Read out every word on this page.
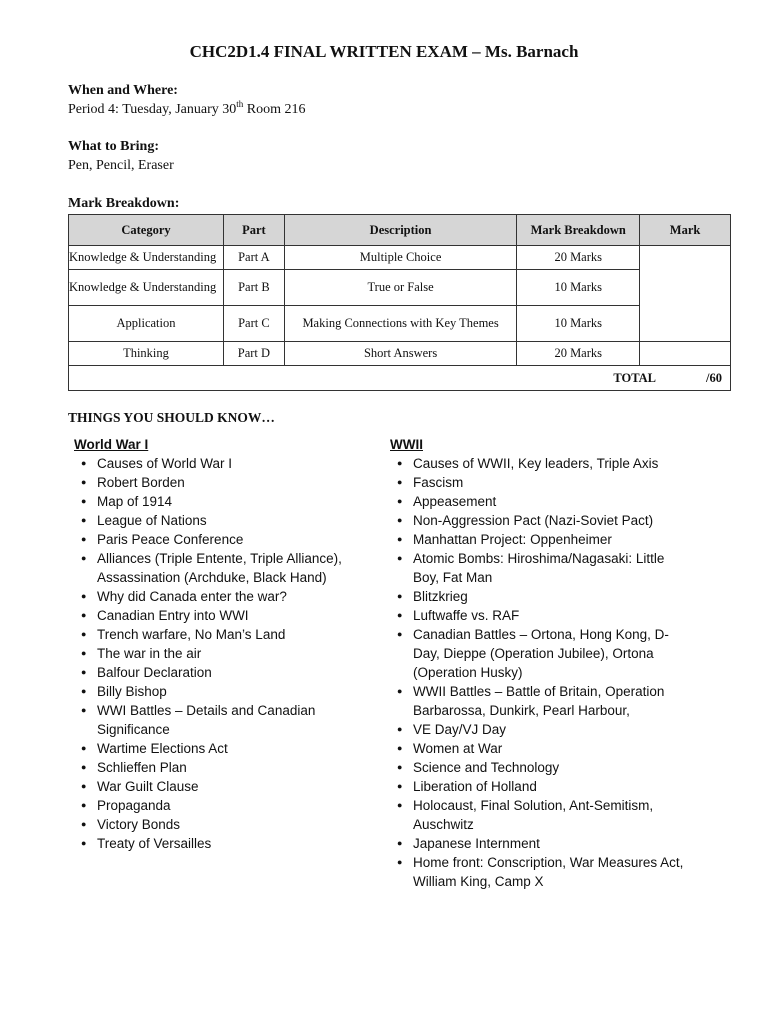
CHC2D1.4 FINAL WRITTEN EXAM – Ms. Barnach
When and Where:
Period 4: Tuesday, January 30th Room 216
What to Bring:
Pen, Pencil, Eraser
Mark Breakdown:
Category	Part	Description	Mark Breakdown	Mark
Knowledge & Understanding	Part A	Multiple Choice	20 Marks	
Knowledge & Understanding	Part B	True or False	10 Marks	
Application	Part C	Making Connections with Key Themes	10 Marks	
Thinking	Part D	Short Answers	20 Marks	
TOTAL /60				
THINGS YOU SHOULD KNOW…
World War I
● Causes of World War I
● Robert Borden
● Map of 1914
● League of Nations
● Paris Peace Conference
● Alliances (Triple Entente, Triple Alliance),
Assassination (Archduke, Black Hand)
● Why did Canada enter the war?
● Canadian Entry into WWI
● Trench warfare, No Man’s Land
● The war in the air
● Balfour Declaration
● Billy Bishop
● WWI Battles – Details and Canadian
Significance
● Wartime Elections Act
● Schlieffen Plan
● War Guilt Clause
● Propaganda
● Victory Bonds
● Treaty of Versailles
WWII
● Causes of WWII, Key leaders, Triple Axis
● Fascism
● Appeasement
● Non-Aggression Pact (Nazi-Soviet Pact)
● Manhattan Project: Oppenheimer
● Atomic Bombs: Hiroshima/Nagasaki: Little
Boy, Fat Man
● Blitzkrieg
● Luftwaffe vs. RAF
● Canadian Battles – Ortona, Hong Kong, D-
Day, Dieppe (Operation Jubilee), Ortona
(Operation Husky)
● WWII Battles – Battle of Britain, Operation
Barbarossa, Dunkirk, Pearl Harbour,
● VE Day/VJ Day
● Women at War
● Science and Technology
● Liberation of Holland
● Holocaust, Final Solution, Ant-Semitism,
Auschwitz
● Japanese Internment
● Home front: Conscription, War Measures Act,
William King, Camp X
